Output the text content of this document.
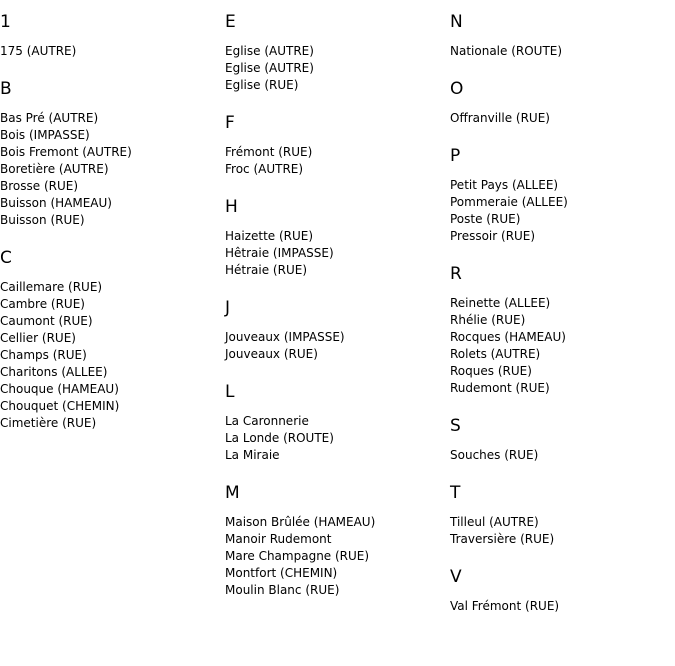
1
175 (AUTRE)
B
Bas Pré (AUTRE)
Bois (IMPASSE)
Bois Fremont (AUTRE)
Boretière (AUTRE)
Brosse (RUE)
Buisson (HAMEAU)
Buisson (RUE)
C
Caillemare (RUE)
Cambre (RUE)
Caumont (RUE)
Cellier (RUE)
Champs (RUE)
Charitons (ALLEE)
Chouque (HAMEAU)
Chouquet (CHEMIN)
Cimetière (RUE)
E
Eglise (AUTRE)
Eglise (AUTRE)
Eglise (RUE)
F
Frémont (RUE)
Froc (AUTRE)
H
Haizette (RUE)
Hêtraie (IMPASSE)
Hétraie (RUE)
J
Jouveaux (IMPASSE)
Jouveaux (RUE)
L
La Caronnerie
La Londe (ROUTE)
La Miraie
M
Maison Brûlée (HAMEAU)
Manoir Rudemont
Mare Champagne (RUE)
Montfort (CHEMIN)
Moulin Blanc (RUE)
N
Nationale (ROUTE)
O
Offranville (RUE)
P
Petit Pays (ALLEE)
Pommeraie (ALLEE)
Poste (RUE)
Pressoir (RUE)
R
Reinette (ALLEE)
Rhélie (RUE)
Rocques (HAMEAU)
Rolets (AUTRE)
Roques (RUE)
Rudemont (RUE)
S
Souches (RUE)
T
Tilleul (AUTRE)
Traversière (RUE)
V
Val Frémont (RUE)
